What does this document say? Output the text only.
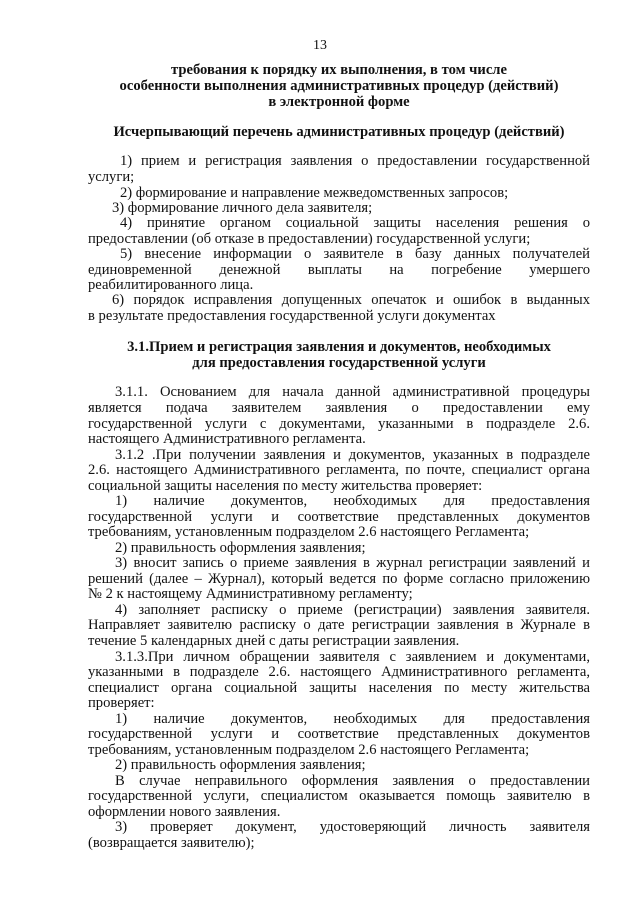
13
требования к порядку их выполнения, в том числе
особенности выполнения административных процедур (действий)
в электронной форме
Исчерпывающий перечень административных процедур (действий)
1) прием и регистрация заявления о предоставлении государственной
услуги;
2) формирование и направление межведомственных запросов;
3) формирование личного дела заявителя;
4) принятие органом социальной защиты населения решения о
предоставлении (об отказе в предоставлении) государственной услуги;
5) внесение информации о заявителе в базу данных получателей
единовременной денежной выплаты на погребение умершего
реабилитированного лица.
6) порядок исправления допущенных опечаток и ошибок в выданных
в результате предоставления государственной услуги документах
3.1.Прием и регистрация заявления и документов, необходимых
для предоставления государственной услуги
3.1.1. Основанием для начала данной административной процедуры
является подача заявителем заявления о предоставлении ему
государственной услуги с документами, указанными в подразделе 2.6.
настоящего Административного регламента.
3.1.2 .При получении заявления и документов, указанных в подразделе
2.6. настоящего Административного регламента, по почте, специалист органа
социальной защиты населения по месту жительства проверяет:
1) наличие документов, необходимых для предоставления
государственной услуги и соответствие представленных документов
требованиям, установленным подразделом 2.6 настоящего Регламента;
2) правильность оформления заявления;
3) вносит запись о приеме заявления в журнал регистрации заявлений и
решений (далее – Журнал), который ведется по форме согласно приложению
№ 2 к настоящему Административному регламенту;
4) заполняет расписку о приеме (регистрации) заявления заявителя.
Направляет заявителю расписку о дате регистрации заявления в Журнале в
течение 5 календарных дней с даты регистрации заявления.
3.1.3.При личном обращении заявителя с заявлением и документами,
указанными в подразделе 2.6. настоящего Административного регламента,
специалист органа социальной защиты населения по месту жительства
проверяет:
1) наличие документов, необходимых для предоставления
государственной услуги и соответствие представленных документов
требованиям, установленным подразделом 2.6 настоящего Регламента;
2) правильность оформления заявления;
В случае неправильного оформления заявления о предоставлении
государственной услуги, специалистом оказывается помощь заявителю в
оформлении нового заявления.
3) проверяет документ, удостоверяющий личность заявителя
(возвращается заявителю);
